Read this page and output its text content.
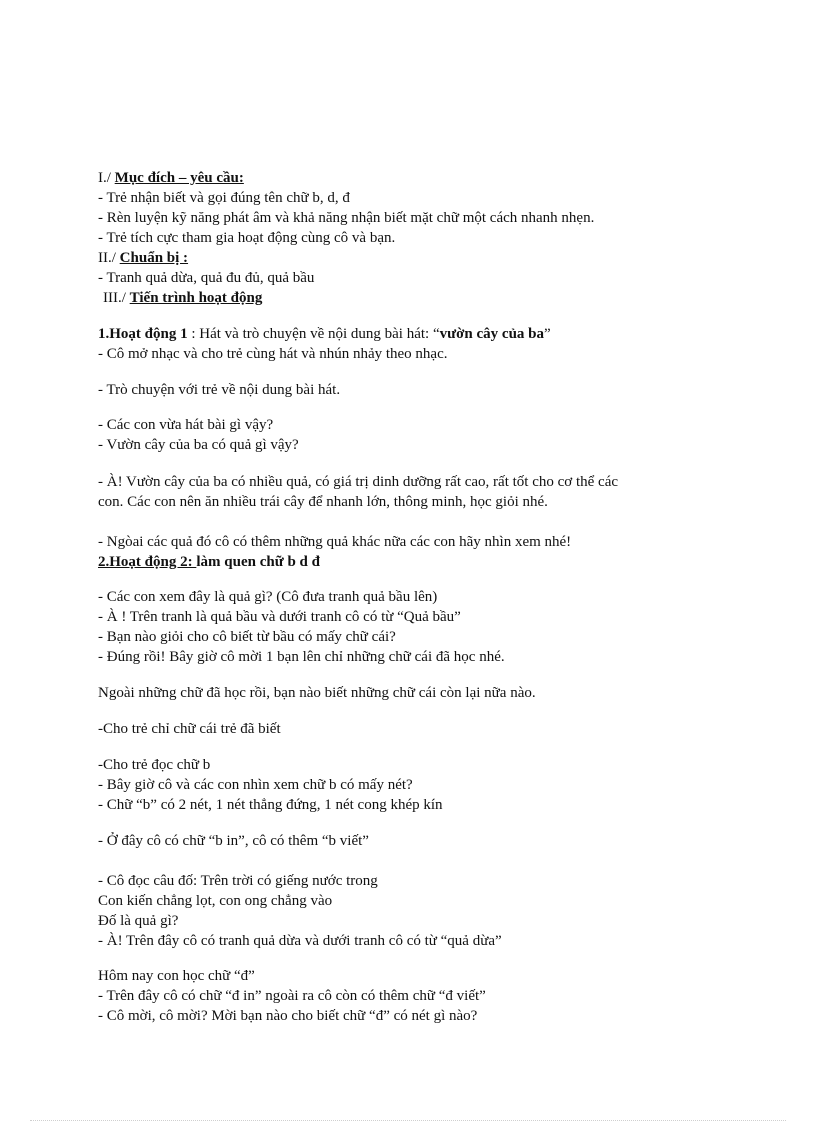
I./ Mục đích – yêu cầu:
- Trẻ nhận biết và gọi đúng tên chữ b, d, đ
- Rèn luyện kỹ năng phát âm và khả năng nhận biết mặt chữ một cách nhanh nhẹn.
- Trẻ tích cực tham gia hoạt động cùng cô và bạn.
II./ Chuẩn bị :
- Tranh quả dừa, quả đu đủ, quả bầu
III./ Tiến trình hoạt động
1.Hoạt động 1 : Hát và trò chuyện về nội dung bài hát: “vườn cây của ba”
- Cô mở nhạc và cho trẻ cùng hát và nhún nhảy theo nhạc.
- Trò chuyện với trẻ về nội dung bài hát.
- Các con vừa hát bài gì vậy?
- Vườn cây của ba có quả gì vậy?
- À! Vườn cây của ba có nhiều quả, có giá trị dinh dưỡng rất cao, rất tốt cho cơ thể các
con. Các con nên ăn nhiều trái cây để nhanh lớn, thông minh, học giỏi nhé.
- Ngòai các quả đó cô có thêm những quả khác nữa các con hãy nhìn xem nhé!
2.Hoạt động 2: làm quen chữ b d đ
- Các con xem đây là quả gì? (Cô đưa tranh quả bầu lên)
- À ! Trên tranh là quả bầu và dưới tranh cô có từ “Quả bầu”
- Bạn nào giỏi cho cô biết từ bầu có mấy chữ cái?
- Đúng rồi! Bây giờ cô mời 1 bạn lên chỉ những chữ cái đã học nhé.
Ngoài những chữ đã học rồi, bạn nào biết những chữ cái còn lại nữa nào.
-Cho trẻ chỉ chữ cái trẻ đã biết
-Cho trẻ đọc chữ b
- Bây giờ cô và các con nhìn xem chữ b có mấy nét?
- Chữ “b” có 2 nét, 1 nét thẳng đứng, 1 nét cong khép kín
- Ở đây cô có chữ “b in”, cô có thêm “b viết”
- Cô đọc câu đố: Trên trời có giếng nước trong
Con kiến chẳng lọt, con ong chẳng vào
Đố là quả gì?
- À! Trên đây cô có tranh quả dừa và dưới tranh cô có từ “quả dừa”
Hôm nay con học chữ “đ”
- Trên đây cô có chữ “đ in” ngoài ra cô còn có thêm chữ “đ viết”
- Cô mời, cô mời? Mời bạn nào cho biết chữ “đ” có nét gì nào?
